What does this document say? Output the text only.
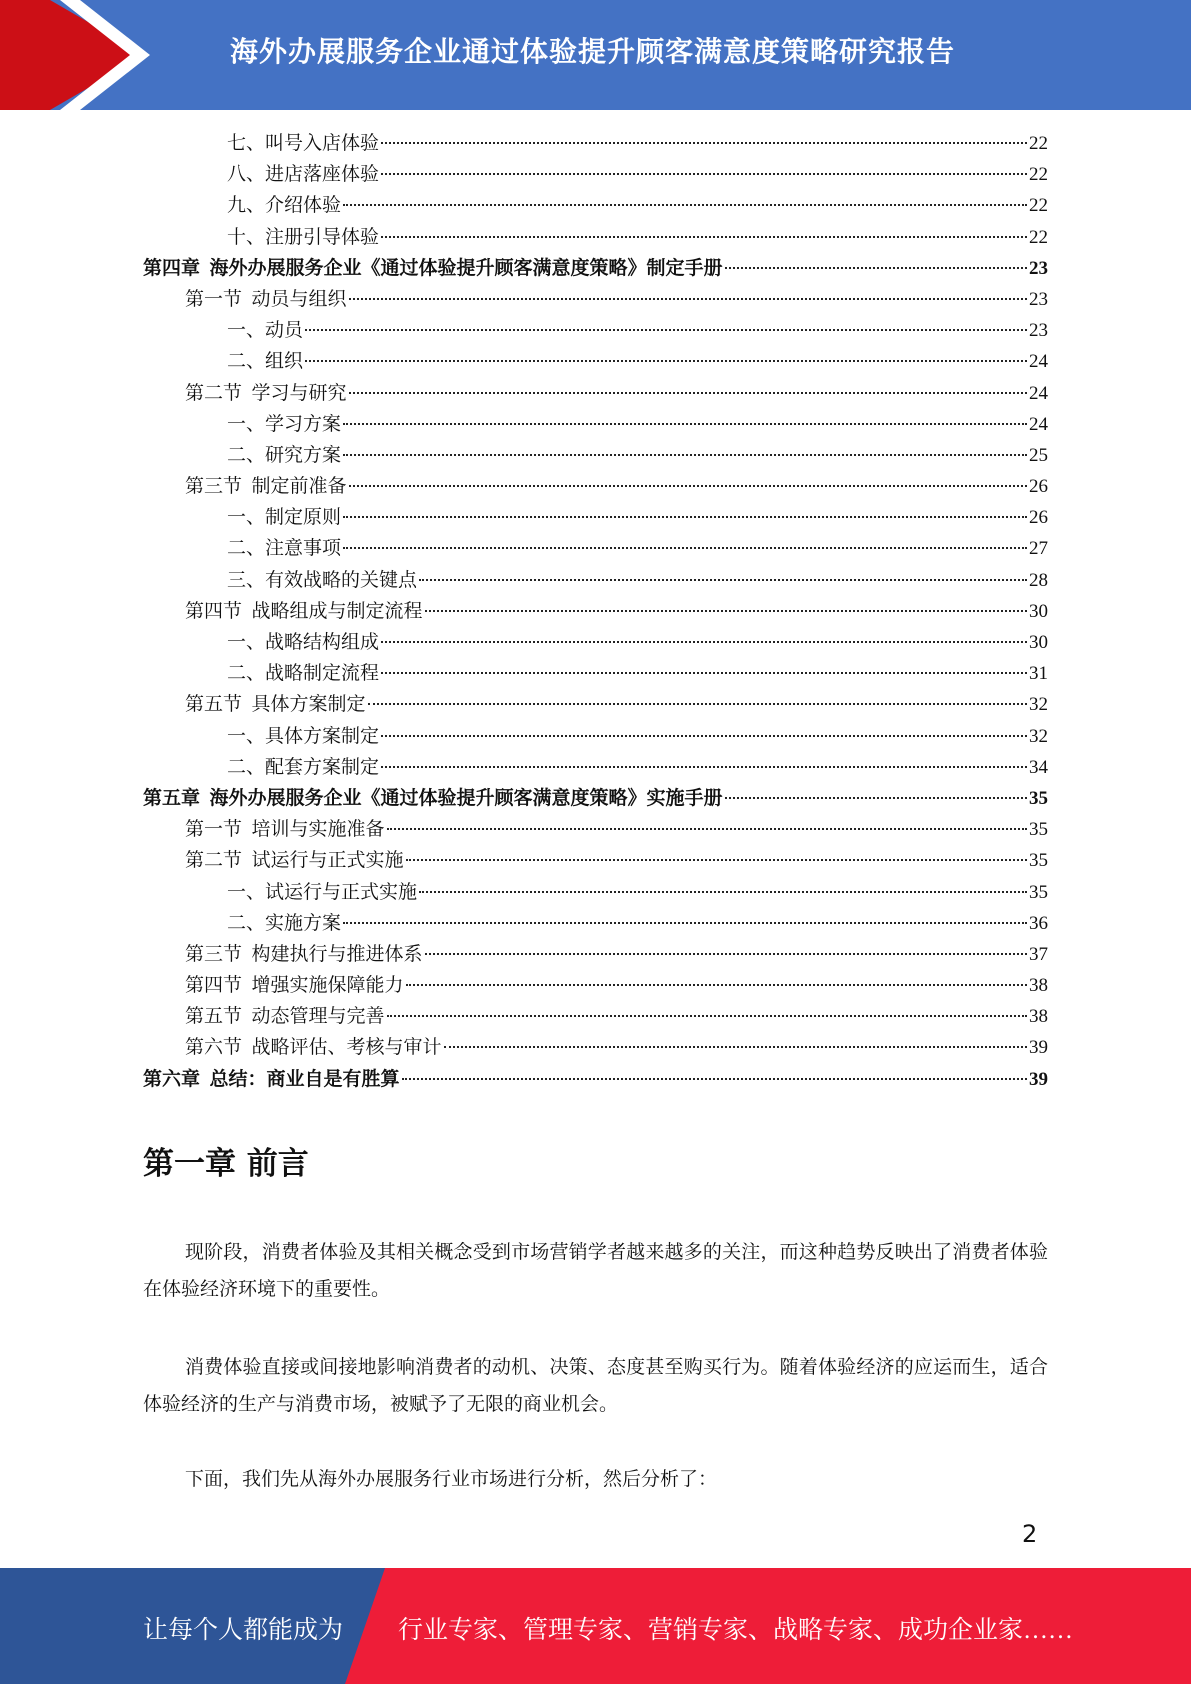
海外办展服务企业通过体验提升顾客满意度策略研究报告
七、叫号入店体验	22
八、进店落座体验	22
九、介绍体验	22
十、注册引导体验	22
第四章  海外办展服务企业《通过体验提升顾客满意度策略》制定手册	23
第一节  动员与组织	23
一、动员	23
二、组织	24
第二节  学习与研究	24
一、学习方案	24
二、研究方案	25
第三节  制定前准备	26
一、制定原则	26
二、注意事项	27
三、有效战略的关键点	28
第四节  战略组成与制定流程	30
一、战略结构组成	30
二、战略制定流程	31
第五节  具体方案制定	32
一、具体方案制定	32
二、配套方案制定	34
第五章  海外办展服务企业《通过体验提升顾客满意度策略》实施手册	35
第一节  培训与实施准备	35
第二节  试运行与正式实施	35
一、试运行与正式实施	35
二、实施方案	36
第三节  构建执行与推进体系	37
第四节  增强实施保障能力	38
第五节  动态管理与完善	38
第六节  战略评估、考核与审计	39
第六章  总结：商业自是有胜算	39
第一章 前言
现阶段，消费者体验及其相关概念受到市场营销学者越来越多的关注，而这种趋势反映出了消费者体验在体验经济环境下的重要性。
消费体验直接或间接地影响消费者的动机、决策、态度甚至购买行为。随着体验经济的应运而生，适合体验经济的生产与消费市场，被赋予了无限的商业机会。
下面，我们先从海外办展服务行业市场进行分析，然后分析了：
2
让每个人都能成为 行业专家、管理专家、营销专家、战略专家、成功企业家……
